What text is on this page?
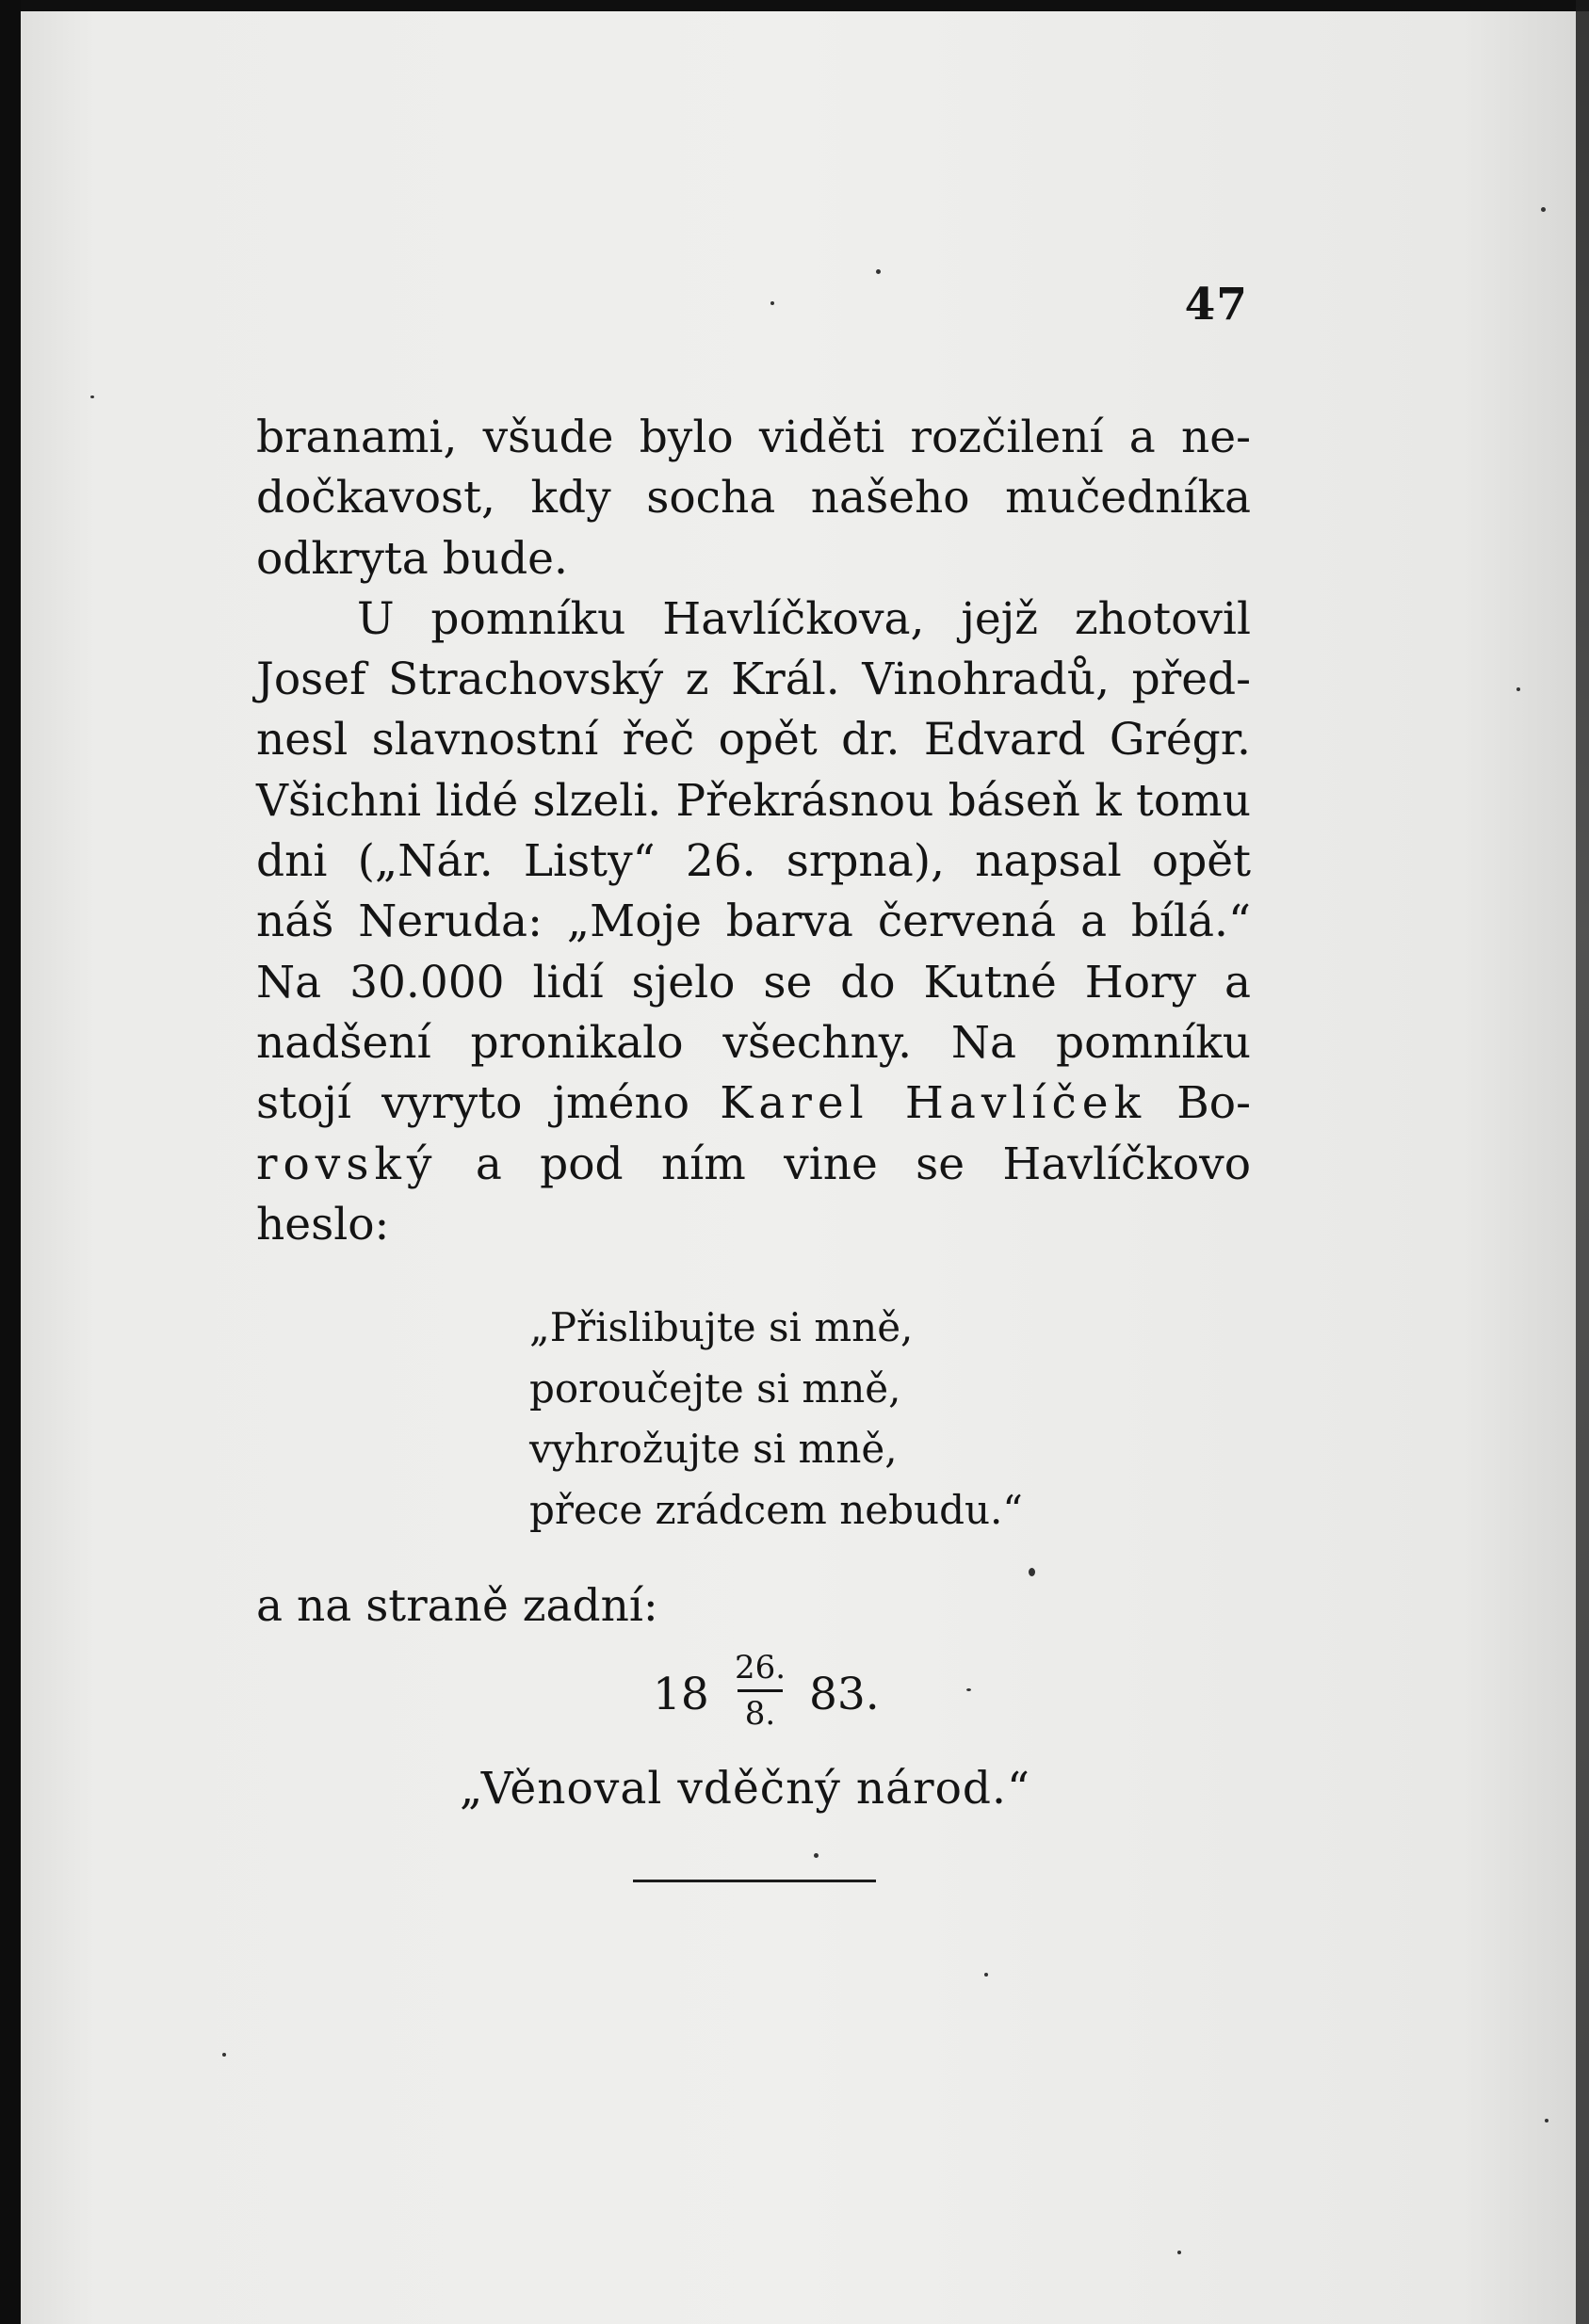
47
branami, všude bylo viděti rozčilení a ne-
dočkavost, kdy socha našeho mučedníka
odkryta bude.
U pomníku Havlíčkova, jejž zhotovil
Josef Strachovský z Král. Vinohradů, před-
nesl slavnostní řeč opět dr. Edvard Grégr.
Všichni lidé slzeli. Překrásnou báseň k tomu
dni („Nár. Listy“ 26. srpna), napsal opět
náš Neruda: „Moje barva červená a bílá.“
Na 30.000 lidí sjelo se do Kutné Hory a
nadšení pronikalo všechny. Na pomníku
stojí vyryto jméno Karel Havlíček Bo-
rovský a pod ním vine se Havlíčkovo
heslo:
„Přislibujte si mně,
poroučejte si mně,
vyhrožujte si mně,
přece zrádcem nebudu.“
a na straně zadní:
18
26.
8. 83.
„Věnoval vděčný národ.“
